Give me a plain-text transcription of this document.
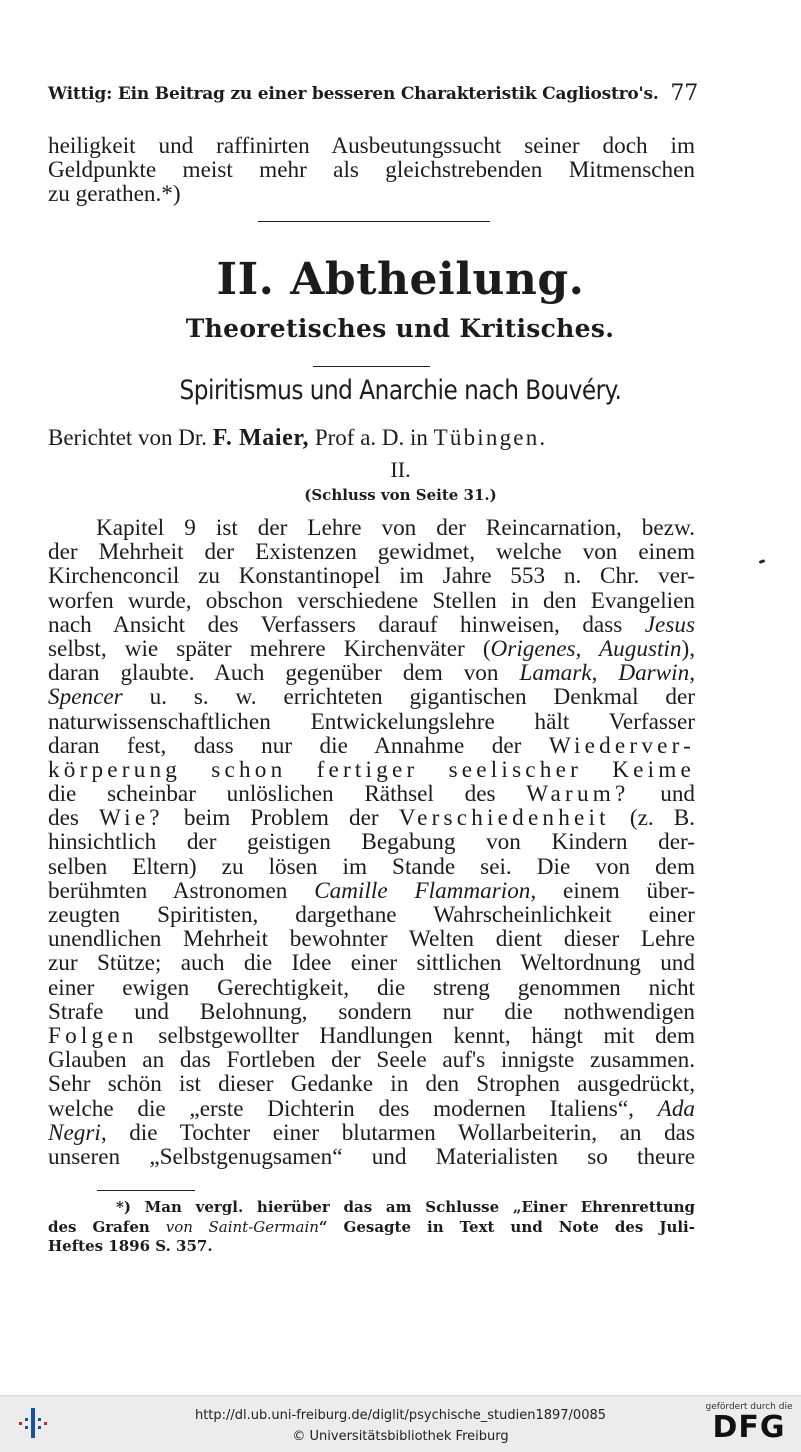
Wittig: Ein Beitrag zu einer besseren Charakteristik Cagliostro's. 77
heiligkeit und raffinirten Ausbeutungssucht seiner doch im
Geldpunkte meist mehr als gleichstrebenden Mitmenschen
zu gerathen.*)
II. Abtheilung.
Theoretisches und Kritisches.
Spiritismus und Anarchie nach Bouvéry.
Berichtet von Dr. F. Maier, Prof a. D. in Tübingen.
II.
(Schluss von Seite 31.)
Kapitel 9 ist der Lehre von der Reincarnation, bezw.
der Mehrheit der Existenzen gewidmet, welche von einem
Kirchenconcil zu Konstantinopel im Jahre 553 n. Chr. ver-
worfen wurde, obschon verschiedene Stellen in den Evangelien
nach Ansicht des Verfassers darauf hinweisen, dass Jesus
selbst, wie später mehrere Kirchenväter (Origenes, Augustin),
daran glaubte. Auch gegenüber dem von Lamark, Darwin,
Spencer u. s. w. errichteten gigantischen Denkmal der
naturwissenschaftlichen Entwickelungslehre hält Verfasser
daran fest, dass nur die Annahme der Wiederver-
körperung schon fertiger seelischer Keime
die scheinbar unlöslichen Räthsel des Warum? und
des Wie? beim Problem der Verschiedenheit (z. B.
hinsichtlich der geistigen Begabung von Kindern der-
selben Eltern) zu lösen im Stande sei. Die von dem
berühmten Astronomen Camille Flammarion, einem über-
zeugten Spiritisten, dargethane Wahrscheinlichkeit einer
unendlichen Mehrheit bewohnter Welten dient dieser Lehre
zur Stütze; auch die Idee einer sittlichen Weltordnung und
einer ewigen Gerechtigkeit, die streng genommen nicht
Strafe und Belohnung, sondern nur die nothwendigen
Folgen selbstgewollter Handlungen kennt, hängt mit dem
Glauben an das Fortleben der Seele auf's innigste zusammen.
Sehr schön ist dieser Gedanke in den Strophen ausgedrückt,
welche die „erste Dichterin des modernen Italiens“, Ada
Negri, die Tochter einer blutarmen Wollarbeiterin, an das
unseren „Selbstgenugsamen“ und Materialisten so theure
*) Man vergl. hierüber das am Schlusse „Einer Ehrenrettung
des Grafen von Saint-Germain“ Gesagte in Text und Note des Juli-
Heftes 1896 S. 357.
http://dl.ub.uni-freiburg.de/diglit/psychische_studien1897/0085
© Universitätsbibliothek Freiburg
gefördert durch die
DFG
